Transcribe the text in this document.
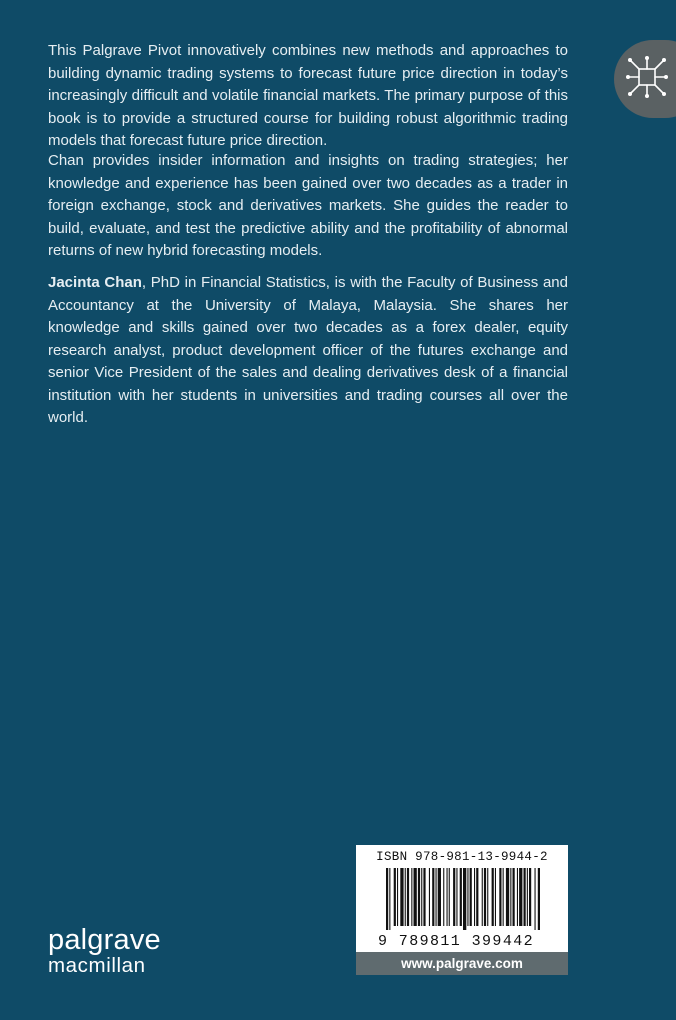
This Palgrave Pivot innovatively combines new methods and approaches to building dynamic trading systems to forecast future price direction in today’s increasingly difficult and volatile financial markets. The primary purpose of this book is to provide a structured course for building robust algorithmic trading models that forecast future price direction.

Chan provides insider information and insights on trading strategies; her knowledge and experience has been gained over two decades as a trader in foreign exchange, stock and derivatives markets. She guides the reader to build, evaluate, and test the predictive ability and the profitability of abnormal returns of new hybrid forecasting models.

Jacinta Chan, PhD in Financial Statistics, is with the Faculty of Business and Accountancy at the University of Malaya, Malaysia. She shares her knowledge and skills gained over two decades as a forex dealer, equity research analyst, product development officer of the futures exchange and senior Vice President of the sales and dealing derivatives desk of a financial institution with her students in universities and trading courses all over the world.

palgrave
macmillan
ISBN 978-981-13-9944-2
9 789811 399442
www.palgrave.com
